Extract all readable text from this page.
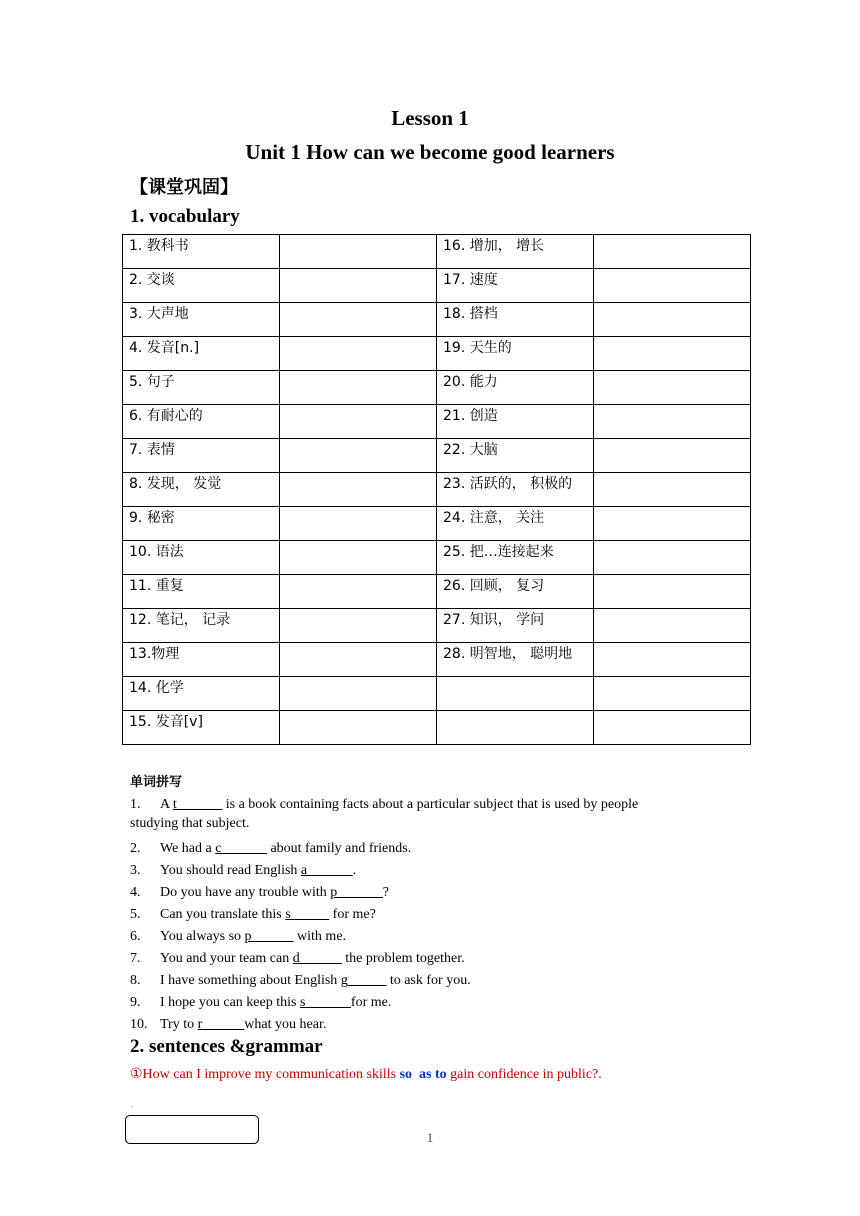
Lesson 1
Unit 1 How can we become good learners
【课堂巩固】
1. vocabulary
1. 教科书		16. 增加， 增长	
2. 交谈		17. 速度	
3. 大声地		18. 搭档	
4. 发音[n.]		19. 天生的	
5. 句子		20. 能力	
6. 有耐心的		21. 创造	
7. 表情		22. 大脑	
8. 发现， 发觉		23. 活跃的， 积极的	
9. 秘密		24. 注意， 关注	
10. 语法		25. 把…连接起来	
11. 重复		26. 回顾， 复习	
12. 笔记， 记录		27. 知识， 学问	
13.物理		28. 明智地， 聪明地	
14. 化学			
15. 发音[v]			
单词拼写
1. A t	is a book containing facts about a particular subject that is used by people
studying that subject.
2. We had a c	about family and friends.
3. You should read English a	.
4. Do you have any trouble with p	?
5. Can you translate this s	for me?
6. You always so p	with me.
7. You and your team can d	the problem together.
8. I have something about English g	to ask for you.
9. I hope you can keep this s	for me.
10. Try to r	what you hear.
2. sentences &grammar
①How can I improve my communication skills so as to gain confidence in public?.
.
1
